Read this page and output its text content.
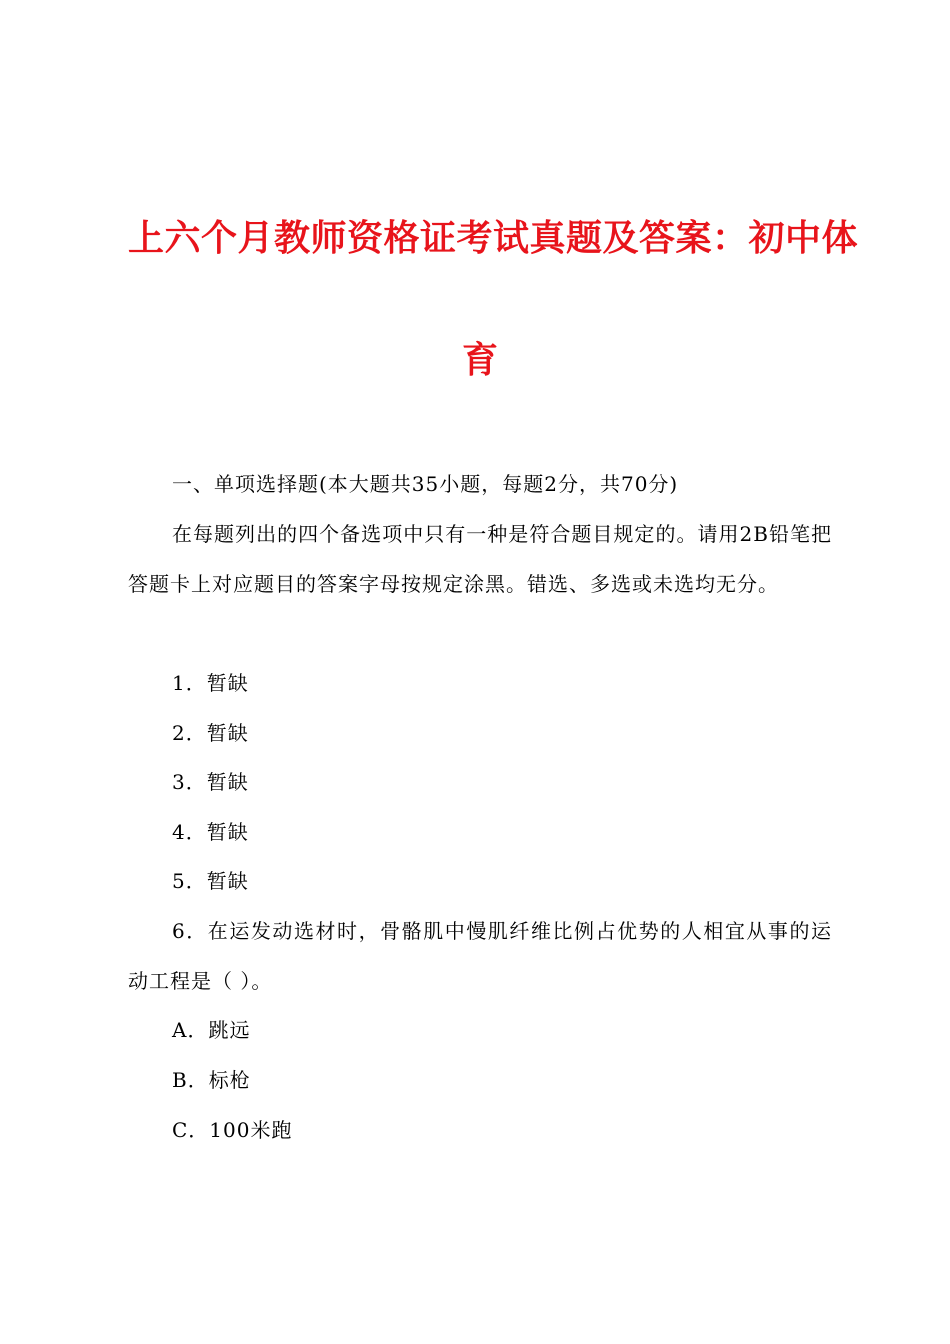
上六个月教师资格证考试真题及答案：初中体
育
一、单项选择题(本大题共35小题，每题2分，共70分)
在每题列出的四个备选项中只有一种是符合题目规定的。请用2B铅笔把答题卡上对应题目的答案字母按规定涂黑。错选、多选或未选均无分。
1．暂缺
2．暂缺
3．暂缺
4．暂缺
5．暂缺
6．在运发动选材时，骨骼肌中慢肌纤维比例占优势的人相宜从事的运动工程是（ ）。
A．跳远
B．标枪
C．100米跑
